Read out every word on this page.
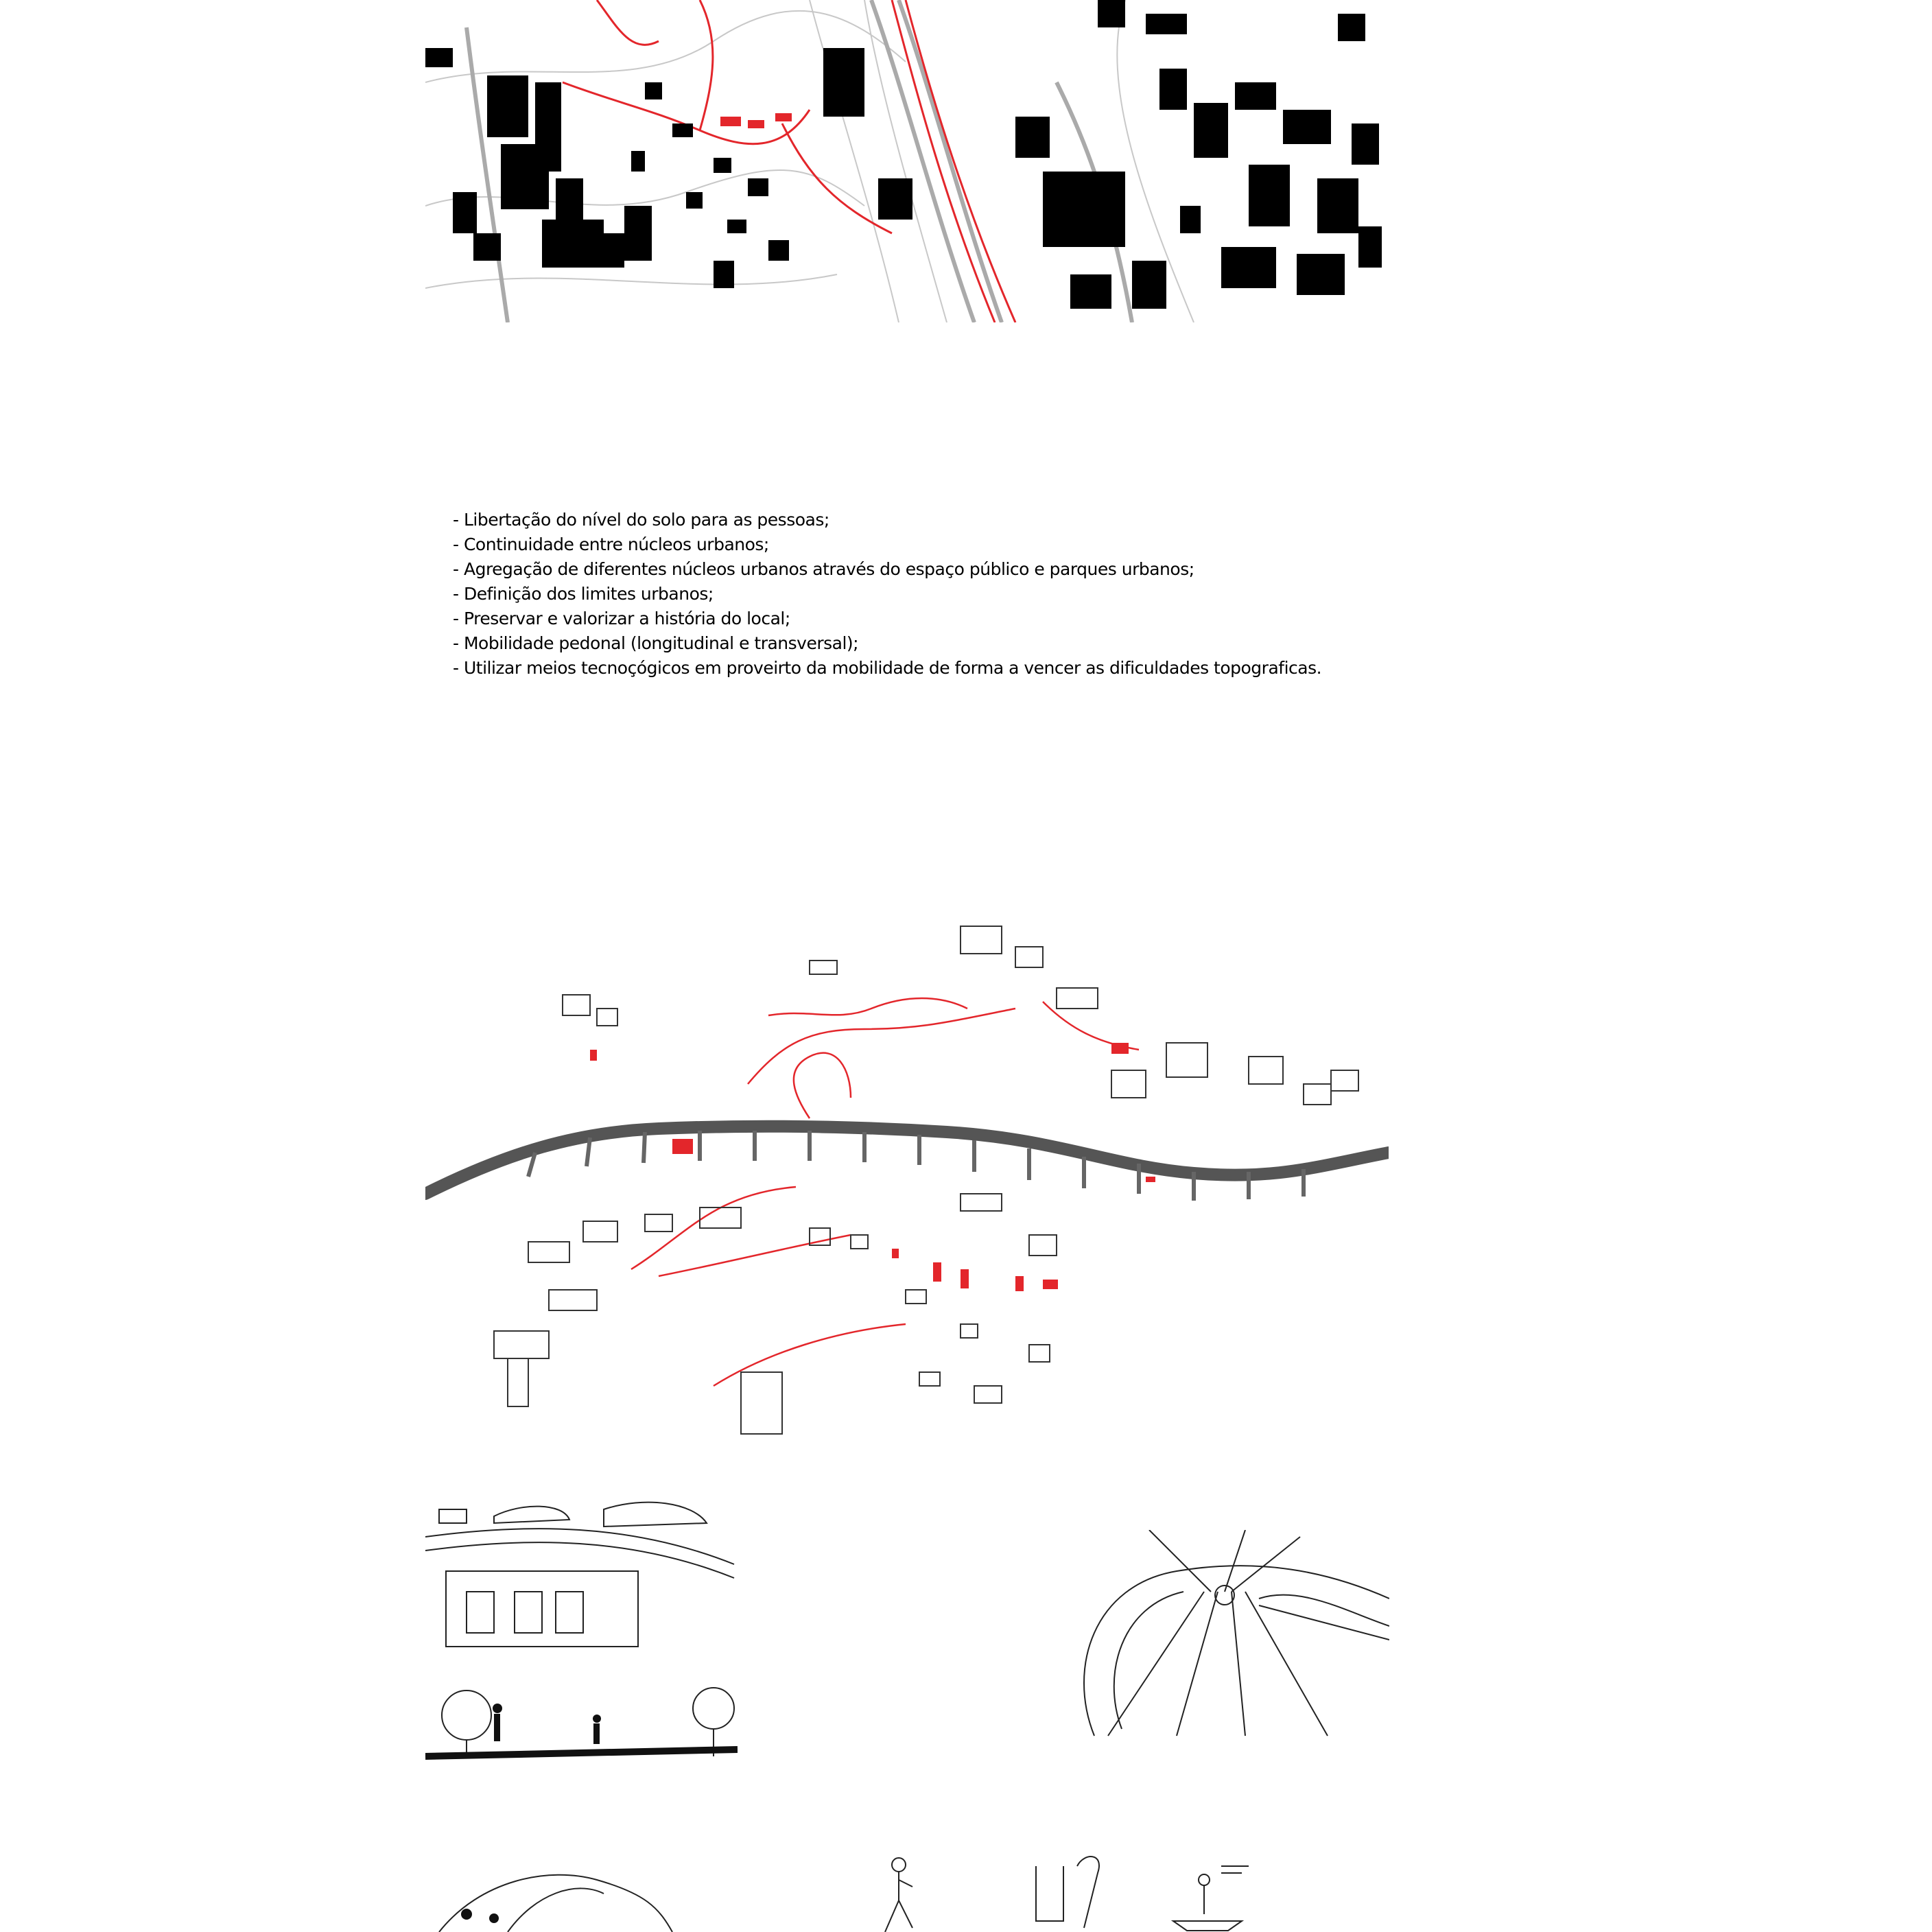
- Libertação do nível do solo para as pessoas;
- Continuidade entre núcleos urbanos;
- Agregação de diferentes núcleos urbanos através do espaço público e parques urbanos;
- Definição dos limites urbanos;
- Preservar e valorizar a história do local;
- Mobilidade pedonal (longitudinal e transversal);
- Utilizar meios tecnoçógicos em proveirto da mobilidade de forma a vencer as dificuldades topograficas.
